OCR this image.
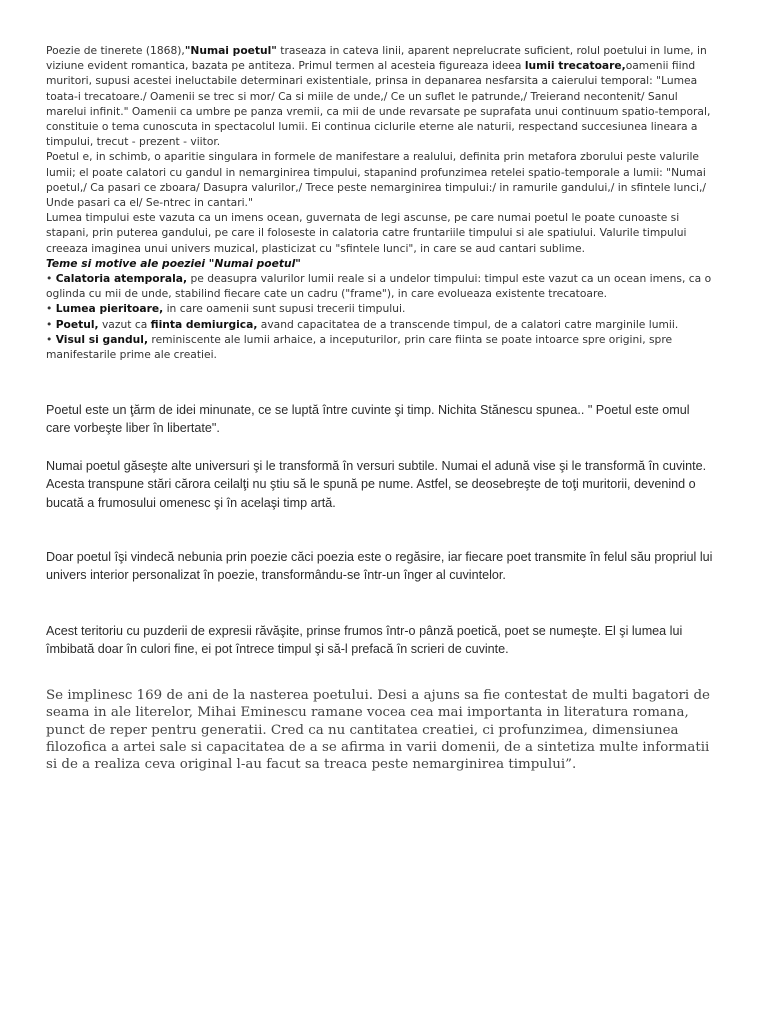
Poezie de tinerete (1868),"Numai poetul" traseaza in cateva linii, aparent neprelucrate suficient, rolul poetului in lume, in viziune evident romantica, bazata pe antiteza. Primul termen al acesteia figureaza ideea lumii trecatoare,oamenii fiind muritori, supusi acestei ineluctabile determinari existentiale, prinsa in depanarea nesfarsita a caierului temporal: "Lumea toata-i trecatoare./ Oamenii se trec si mor/ Ca si miile de unde,/ Ce un suflet le patrunde,/ Treierand necontenit/ Sanul marelui infinit." Oamenii ca umbre pe panza vremii, ca mii de unde revarsate pe suprafata unui continuum spatio-temporal, constituie o tema cunoscuta in spectacolul lumii. Ei continua ciclurile eterne ale naturii, respectand succesiunea lineara a timpului, trecut - prezent - viitor.

Poetul e, in schimb, o aparitie singulara in formele de manifestare a realului, definita prin metafora zborului peste valurile lumii; el poate calatori cu gandul in nemarginirea timpului, stapanind profunzimea retelei spatio-temporale a lumii: "Numai poetul,/ Ca pasari ce zboara/ Dasupra valurilor,/ Trece peste nemarginirea timpului:/ in ramurile gandului,/ in sfintele lunci,/ Unde pasari ca el/ Se-ntrec in cantari."

Lumea timpului este vazuta ca un imens ocean, guvernata de legi ascunse, pe care numai poetul le poate cunoaste si stapani, prin puterea gandului, pe care il foloseste in calatoria catre fruntariile timpului si ale spatiului. Valurile timpului creeaza imaginea unui univers muzical, plasticizat cu "sfintele lunci", in care se aud cantari sublime.

Teme si motive ale poeziei "Numai poetul"

• Calatoria atemporala, pe deasupra valurilor lumii reale si a undelor timpului: timpul este vazut ca un ocean imens, ca o oglinda cu mii de unde, stabilind fiecare cate un cadru ("frame"), in care evolueaza existente trecatoare.

• Lumea pieritoare, in care oamenii sunt supusi trecerii timpului.

• Poetul, vazut ca fiinta demiurgica, avand capacitatea de a transcende timpul, de a calatori catre marginile lumii.

• Visul si gandul, reminiscente ale lumii arhaice, a inceputurilor, prin care fiinta se poate intoarce spre origini, spre manifestarile prime ale creatiei.

Poetul este un ţărm de idei minunate, ce se luptă între cuvinte şi timp. Nichita Stănescu spunea.. " Poetul este omul care vorbeşte liber în libertate".

Numai poetul găseşte alte universuri şi le transformă în versuri subtile. Numai el adună vise şi le transformă în cuvinte. Acesta transpune stări cărora ceilalţi nu ştiu să le spună pe nume. Astfel, se deosebreşte de toţi muritorii, devenind o bucată a frumosului omenesc şi în acelaşi timp artă.

Doar poetul îşi vindecă nebunia prin poezie căci poezia este o regăsire, iar fiecare poet transmite în felul său propriul lui univers interior personalizat în poezie, transformându-se într-un înger al cuvintelor.

Acest teritoriu cu puzderii de expresii răvăşite, prinse frumos într-o pânză poetică, poet se numeşte. El şi lumea lui îmbibată doar în culori fine, ei pot întrece timpul şi să-l prefacă în scrieri de cuvinte.

Se implinesc 169 de ani de la nasterea poetului. Desi a ajuns sa fie contestat de multi bagatori de seama in ale literelor, Mihai Eminescu ramane vocea cea mai importanta in literatura romana, punct de reper pentru generatii. Cred ca nu cantitatea creatiei, ci profunzimea, dimensiunea filozofica a artei sale si capacitatea de a se afirma in varii domenii, de a sintetiza multe informatii si de a realiza ceva original l-au facut sa treaca peste nemarginirea timpului”.
